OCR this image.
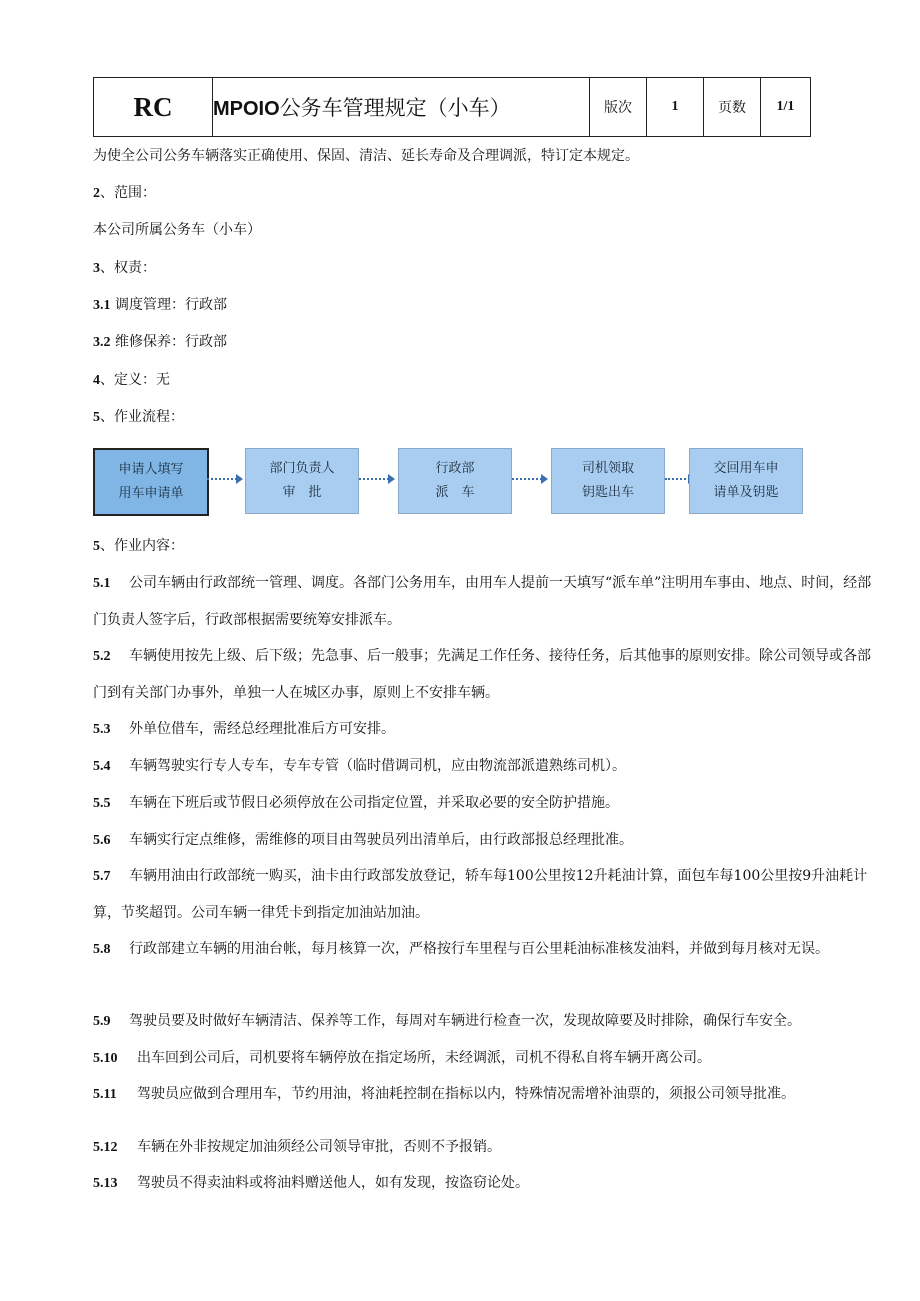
RC	MPOIO公务车管理规定（小车）	版次	1	页数	1/1
为使全公司公务车辆落实正确使用、保固、清洁、延长寿命及合理调派，特订定本规定。
2、范围：
本公司所属公务车（小车）
3、权责：
3.1 调度管理：行政部
3.2 维修保养：行政部
4、定义：无
5、作业流程：
申请人填写
用车申请单
部门负责人
审　批
行政部
派　车
司机领取
钥匙出车
交回用车申
请单及钥匙
5、作业内容：
5.1 公司车辆由行政部统一管理、调度。各部门公务用车，由用车人提前一天填写“派车单”注明用车事由、地点、时间，经部门负责人签字后，行政部根据需要统筹安排派车。
5.2 车辆使用按先上级、后下级；先急事、后一般事；先满足工作任务、接待任务，后其他事的原则安排。除公司领导或各部门到有关部门办事外，单独一人在城区办事，原则上不安排车辆。
5.3 外单位借车，需经总经理批准后方可安排。
5.4 车辆驾驶实行专人专车，专车专管（临时借调司机，应由物流部派遣熟练司机）。
5.5 车辆在下班后或节假日必须停放在公司指定位置，并采取必要的安全防护措施。
5.6 车辆实行定点维修，需维修的项目由驾驶员列出清单后，由行政部报总经理批准。
5.7 车辆用油由行政部统一购买，油卡由行政部发放登记，轿车每100公里按12升耗油计算，面包车每100公里按9升油耗计算，节奖超罚。公司车辆一律凭卡到指定加油站加油。
5.8 行政部建立车辆的用油台帐，每月核算一次，严格按行车里程与百公里耗油标准核发油料，并做到每月核对无误。
5.9 驾驶员要及时做好车辆清洁、保养等工作，每周对车辆进行检查一次，发现故障要及时排除，确保行车安全。
5.10 出车回到公司后，司机要将车辆停放在指定场所，未经调派，司机不得私自将车辆开离公司。
5.11 驾驶员应做到合理用车，节约用油，将油耗控制在指标以内，特殊情况需增补油票的，须报公司领导批准。
5.12 车辆在外非按规定加油须经公司领导审批，否则不予报销。
5.13 驾驶员不得卖油料或将油料赠送他人，如有发现，按盗窃论处。
